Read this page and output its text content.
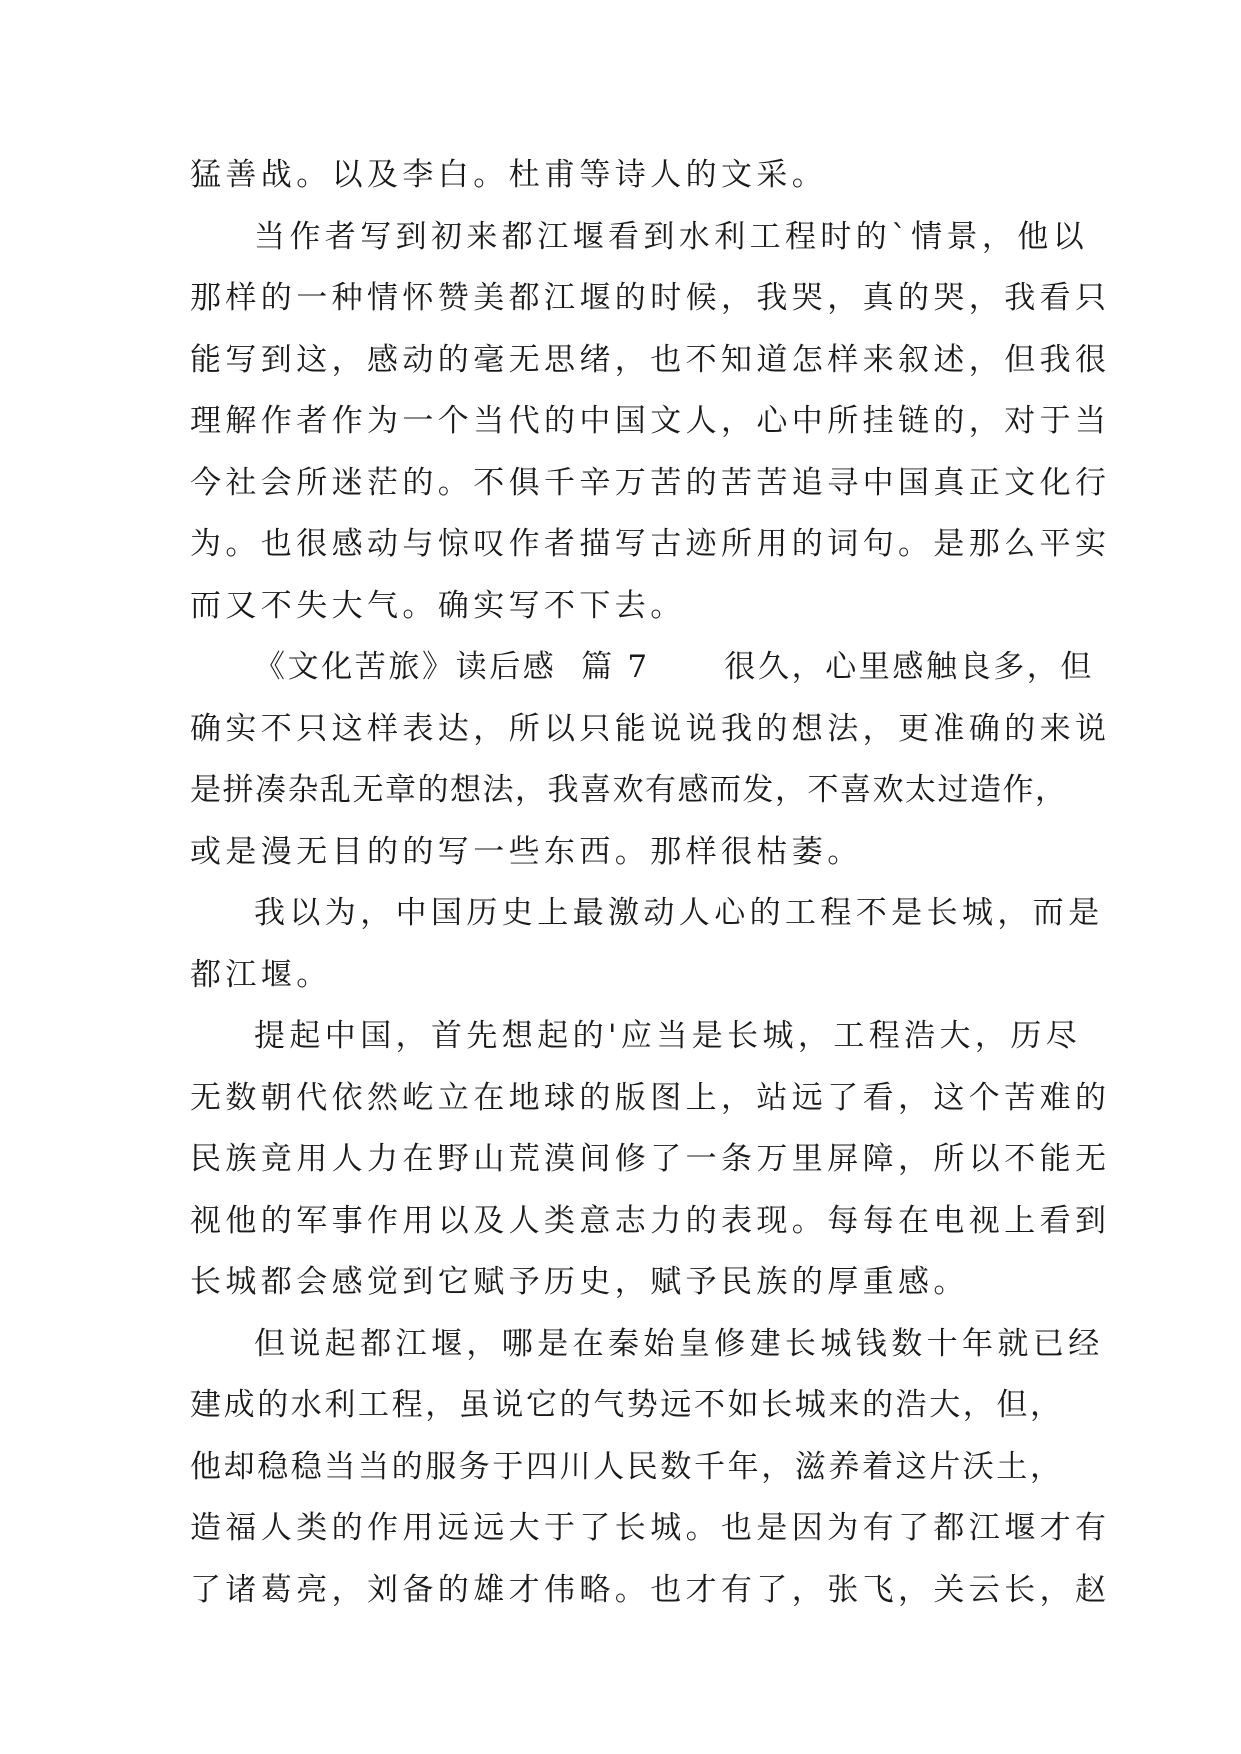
猛善战。以及李白。杜甫等诗人的文采。
当作者写到初来都江堰看到水利工程时的`情景，他以
那样的一种情怀赞美都江堰的时候，我哭，真的哭，我看只
能写到这，感动的毫无思绪，也不知道怎样来叙述，但我很
理解作者作为一个当代的中国文人，心中所挂链的，对于当
今社会所迷茫的。不俱千辛万苦的苦苦追寻中国真正文化行
为。也很感动与惊叹作者描写古迹所用的词句。是那么平实
而又不失大气。确实写不下去。
《文化苦旅》读后感  篇 7      很久，心里感触良多，但
确实不只这样表达，所以只能说说我的想法，更准确的来说
是拼凑杂乱无章的想法，我喜欢有感而发，不喜欢太过造作，
或是漫无目的的写一些东西。那样很枯萎。
我以为，中国历史上最激动人心的工程不是长城，而是
都江堰。
提起中国，首先想起的'应当是长城，工程浩大，历尽
无数朝代依然屹立在地球的版图上，站远了看，这个苦难的
民族竟用人力在野山荒漠间修了一条万里屏障，所以不能无
视他的军事作用以及人类意志力的表现。每每在电视上看到
长城都会感觉到它赋予历史，赋予民族的厚重感。
但说起都江堰，哪是在秦始皇修建长城钱数十年就已经
建成的水利工程，虽说它的气势远不如长城来的浩大，但，
他却稳稳当当的服务于四川人民数千年，滋养着这片沃土，
造福人类的作用远远大于了长城。也是因为有了都江堰才有
了诸葛亮，刘备的雄才伟略。也才有了，张飞，关云长，赵
